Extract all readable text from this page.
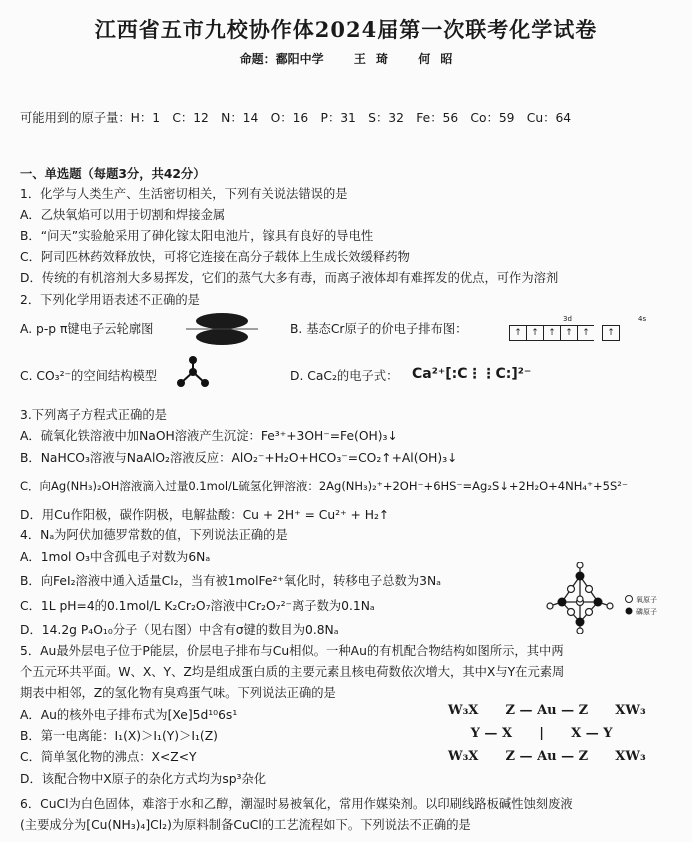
江西省五市九校协作体2024届第一次联考化学试卷
命题：鄱阳中学	王 琦	何 昭
可能用到的原子量：H：1　C：12　N：14　O：16　P：31　S：32　Fe：56　Co：59　Cu：64
一、单选题（每题3分，共42分）
1．化学与人类生产、生活密切相关，下列有关说法错误的是
A．乙炔氧焰可以用于切割和焊接金属
B．“问天”实验舱采用了砷化镓太阳电池片，镓具有良好的导电性
C．阿司匹林药效释放快，可将它连接在高分子载体上生成长效缓释药物
D．传统的有机溶剂大多易挥发，它们的蒸气大多有毒，而离子液体却有难挥发的优点，可作为溶剂
2．下列化学用语表述不正确的是
A. p-p π键电子云轮廓图	B. 基态Cr原子的价电子排布图：
3d	4s
↑	↑	↑	↑	↑	↑
C. CO₃²⁻的空间结构模型	D. CaC₂的电子式： Ca²⁺[:C⋮⋮C:]²⁻
3.下列离子方程式正确的是
A．硫氧化铁溶液中加NaOH溶液产生沉淀：Fe³⁺+3OH⁻=Fe(OH)₃↓
B．NaHCO₃溶液与NaAlO₂溶液反应：AlO₂⁻+H₂O+HCO₃⁻=CO₂↑+Al(OH)₃↓
C．向Ag(NH₃)₂OH溶液滴入过量0.1mol/L硫氢化钾溶液：2Ag(NH₃)₂⁺+2OH⁻+6HS⁻=Ag₂S↓+2H₂O+4NH₄⁺+5S²⁻
D．用Cu作阳极，碳作阴极，电解盐酸：Cu + 2H⁺ = Cu²⁺ + H₂↑
4．Nₐ为阿伏加德罗常数的值，下列说法正确的是
A．1mol O₃中含孤电子对数为6Nₐ
B．向FeI₂溶液中通入适量Cl₂，当有被1molFe²⁺氧化时，转移电子总数为3Nₐ
C．1L pH=4的0.1mol/L K₂Cr₂O₇溶液中Cr₂O₇²⁻离子数为0.1Nₐ
D．14.2g P₄O₁₀分子（见右图）中含有σ键的数目为0.8Nₐ
氧原子
磷原子
5．Au最外层电子位于P能层，价层电子排布与Cu相似。一种Au的有机配合物结构如图所示，其中两
个五元环共平面。W、X、Y、Z均是组成蛋白质的主要元素且核电荷数依次增大，其中X与Y在元素周
期表中相邻，Z的氢化物有臭鸡蛋气味。下列说法正确的是
A．Au的核外电子排布式为[Xe]5d¹⁰6s¹
B．第一电离能：I₁(X)＞I₁(Y)＞I₁(Z)
C．简单氢化物的沸点：X<Z<Y
D．该配合物中X原子的杂化方式均为sp³杂化
W₃X      Z — Au — Z      XW₃
Y — X      |      X — Y
W₃X      Z — Au — Z      XW₃
6．CuCl为白色固体，难溶于水和乙醇，潮湿时易被氧化，常用作媒染剂。以印刷线路板碱性蚀刻废液
(主要成分为[Cu(NH₃)₄]Cl₂)为原料制备CuCl的工艺流程如下。下列说法不正确的是
